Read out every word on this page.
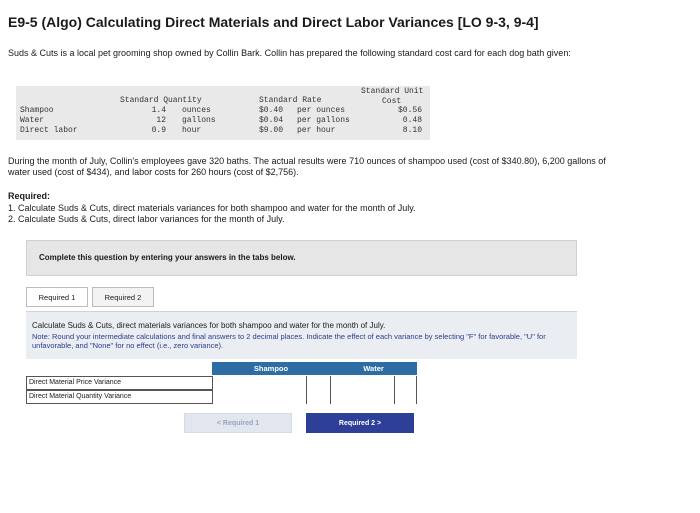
E9-5 (Algo) Calculating Direct Materials and Direct Labor Variances [LO 9-3, 9-4]
Suds & Cuts is a local pet grooming shop owned by Collin Bark. Collin has prepared the following standard cost card for each dog bath given:
Standard Quantity	Standard Rate
Standard Unit
Cost
Shampoo	1.4 ounces	$0.40 per ounces	$0.56
Water	12 gallons	$0.04 per gallons	0.48
Direct labor	0.9 hour	$9.00 per hour	8.10
During the month of July, Collin's employees gave 320 baths. The actual results were 710 ounces of shampoo used (cost of $340.80), 6,200 gallons of water used (cost of $434), and labor costs for 260 hours (cost of $2,756).
Required:
1. Calculate Suds & Cuts, direct materials variances for both shampoo and water for the month of July.
2. Calculate Suds & Cuts, direct labor variances for the month of July.
Complete this question by entering your answers in the tabs below.
Required 1	Required 2
Calculate Suds & Cuts, direct materials variances for both shampoo and water for the month of July.
Note: Round your intermediate calculations and final answers to 2 decimal places. Indicate the effect of each variance by selecting "F" for favorable, "U" for unfavorable, and "None" for no effect (i.e., zero variance).
Shampoo	Water
Direct Material Price Variance
Direct Material Quantity Variance
< Required 1	Required 2 >
